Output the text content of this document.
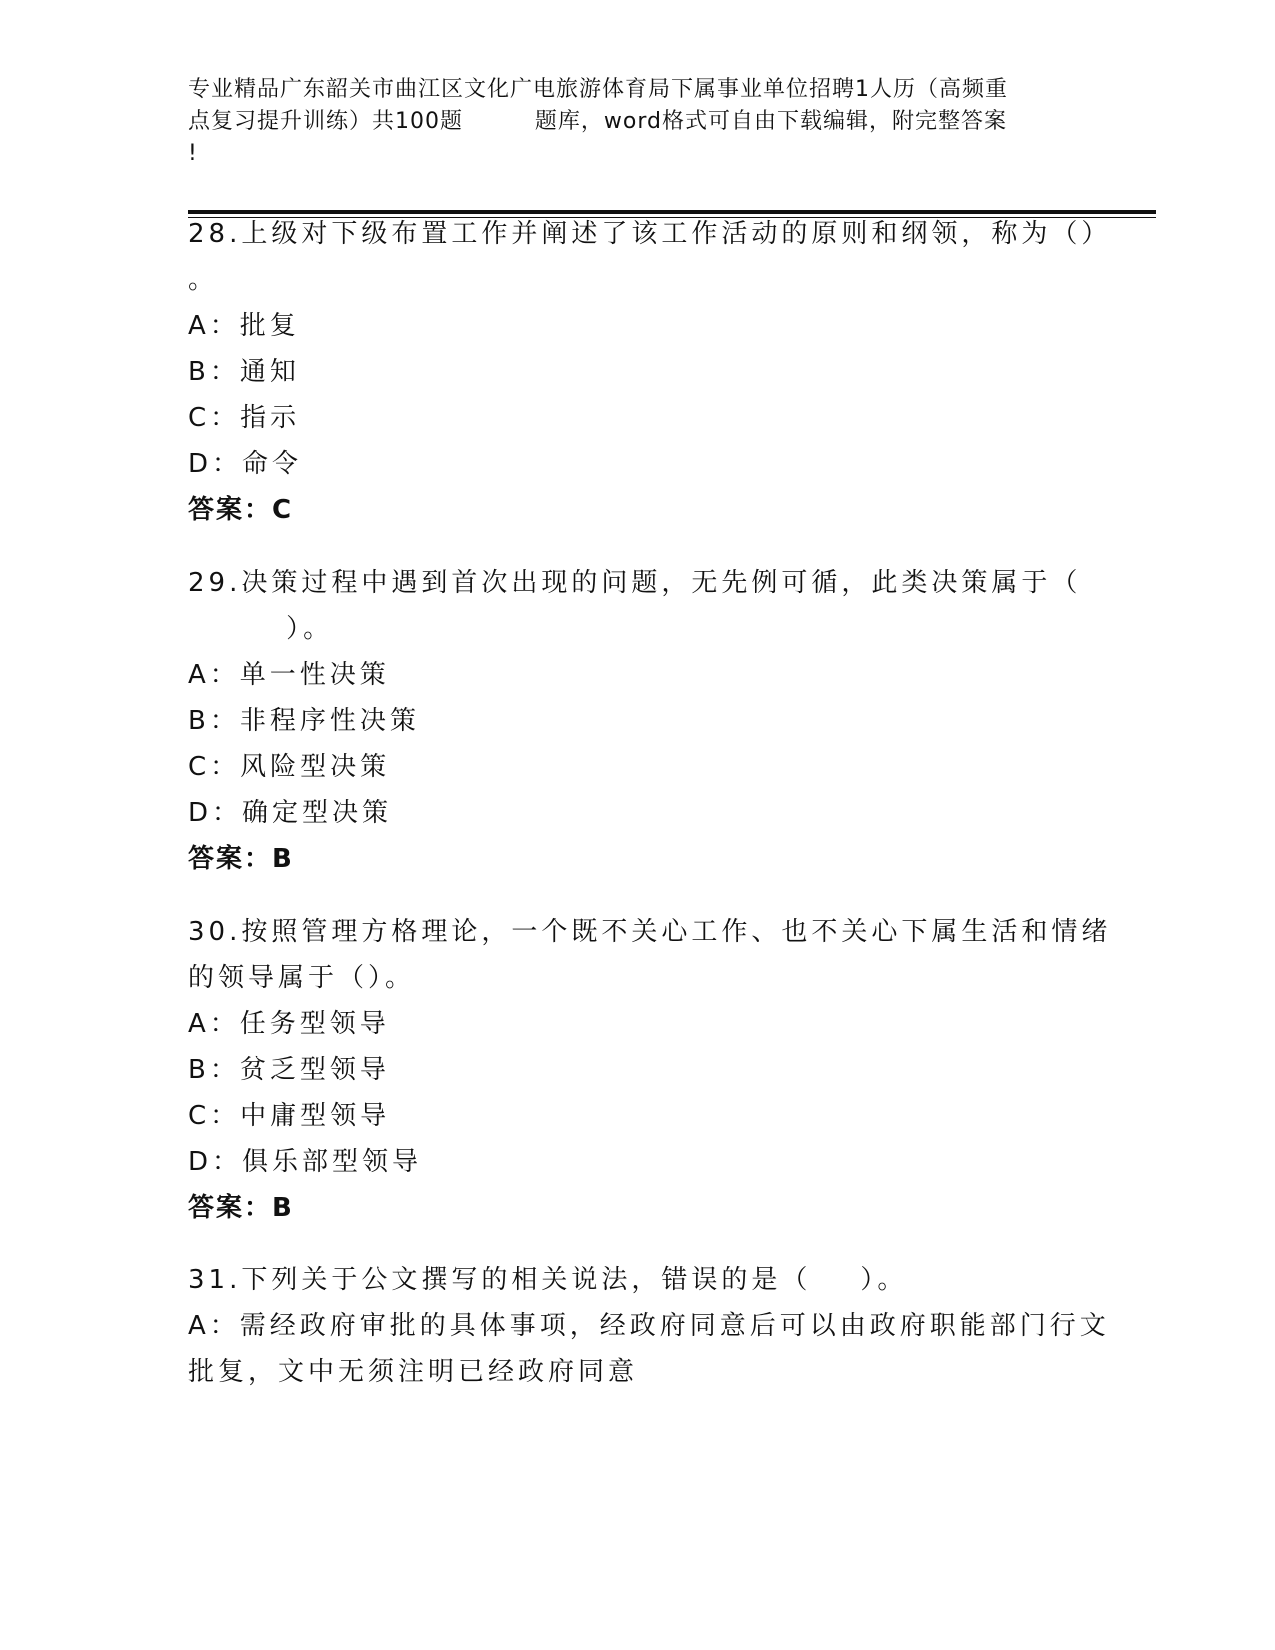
专业精品广东韶关市曲江区文化广电旅游体育局下属事业单位招聘1人历（高频重
点复习提升训练）共100题         题库，word格式可自由下载编辑，附完整答案
!
28.上级对下级布置工作并阐述了该工作活动的原则和纲领，称为（）
。
A：批复
B：通知
C：指示
D：命令
答案：C
29.决策过程中遇到首次出现的问题，无先例可循，此类决策属于（
）。
A：单一性决策
B：非程序性决策
C：风险型决策
D：确定型决策
答案：B
30.按照管理方格理论，一个既不关心工作、也不关心下属生活和情绪
的领导属于（）。
A：任务型领导
B：贫乏型领导
C：中庸型领导
D：俱乐部型领导
答案：B
31.下列关于公文撰写的相关说法，错误的是（    ）。
A：需经政府审批的具体事项，经政府同意后可以由政府职能部门行文
批复，文中无须注明已经政府同意
